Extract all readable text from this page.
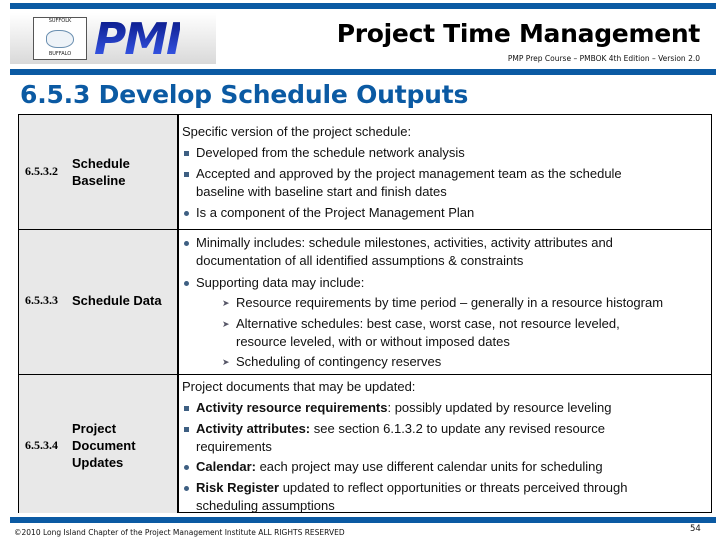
SUFFOLK
BUFFALO PMI	Project Time Management
PMP Prep Course – PMBOK 4th Edition – Version 2.0
6.5.3 Develop Schedule Outputs
6.5.3.2 Schedule
Baseline
Specific version of the project schedule:
Developed from the schedule network analysis
Accepted and approved by the project management team as the schedule
baseline with baseline start and finish dates
Is a component of the Project Management Plan
6.5.3.3 Schedule Data
Minimally includes: schedule milestones, activities, activity attributes and
documentation of all identified assumptions & constraints
Supporting data may include:
➤ Resource requirements by time period – generally in a resource histogram
➤ Alternative schedules: best case, worst case, not resource leveled,
resource leveled, with or without imposed dates
➤ Scheduling of contingency reserves
6.5.3.4
Project
Document
Updates
Project documents that may be updated:
Activity resource requirements: possibly updated by resource leveling
Activity attributes: see section 6.1.3.2 to update any revised resource
requirements
Calendar: each project may use different calendar units for scheduling
Risk Register updated to reflect opportunities or threats perceived through
scheduling assumptions
©2010 Long Island Chapter of the Project Management Institute ALL RIGHTS RESERVED	54
